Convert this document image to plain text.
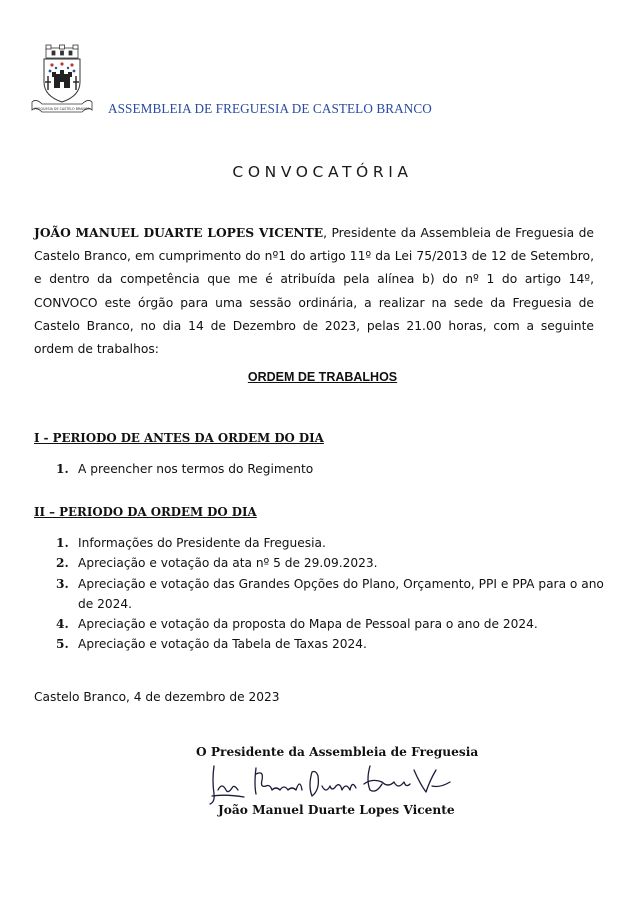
FREGUESIA DE CASTELO BRANCO ASSEMBLEIA DE FREGUESIA DE CASTELO BRANCO
CONVOCATÓRIA
JOÃO MANUEL DUARTE LOPES VICENTE, Presidente da Assembleia de Freguesia de Castelo Branco, em cumprimento do nº1 do artigo 11º da Lei 75/2013 de 12 de Setembro, e dentro da competência que me é atribuída pela alínea b) do nº 1 do artigo 14º, CONVOCO este órgão para uma sessão ordinária, a realizar na sede da Freguesia de Castelo Branco, no dia 14 de Dezembro de 2023, pelas 21.00 horas, com a seguinte ordem de trabalhos:
ORDEM DE TRABALHOS
I - PERIODO DE ANTES DA ORDEM DO DIA
1. A preencher nos termos do Regimento
II – PERIODO DA ORDEM DO DIA
1. Informações do Presidente da Freguesia.
2. Apreciação e votação da ata nº 5 de 29.09.2023.
3. Apreciação e votação das Grandes Opções do Plano, Orçamento, PPI e PPA para o ano de 2024.
4. Apreciação e votação da proposta do Mapa de Pessoal para o ano de 2024.
5. Apreciação e votação da Tabela de Taxas 2024.
Castelo Branco, 4 de dezembro de 2023
O Presidente da Assembleia de Freguesia
João Manuel Duarte Lopes Vicente
